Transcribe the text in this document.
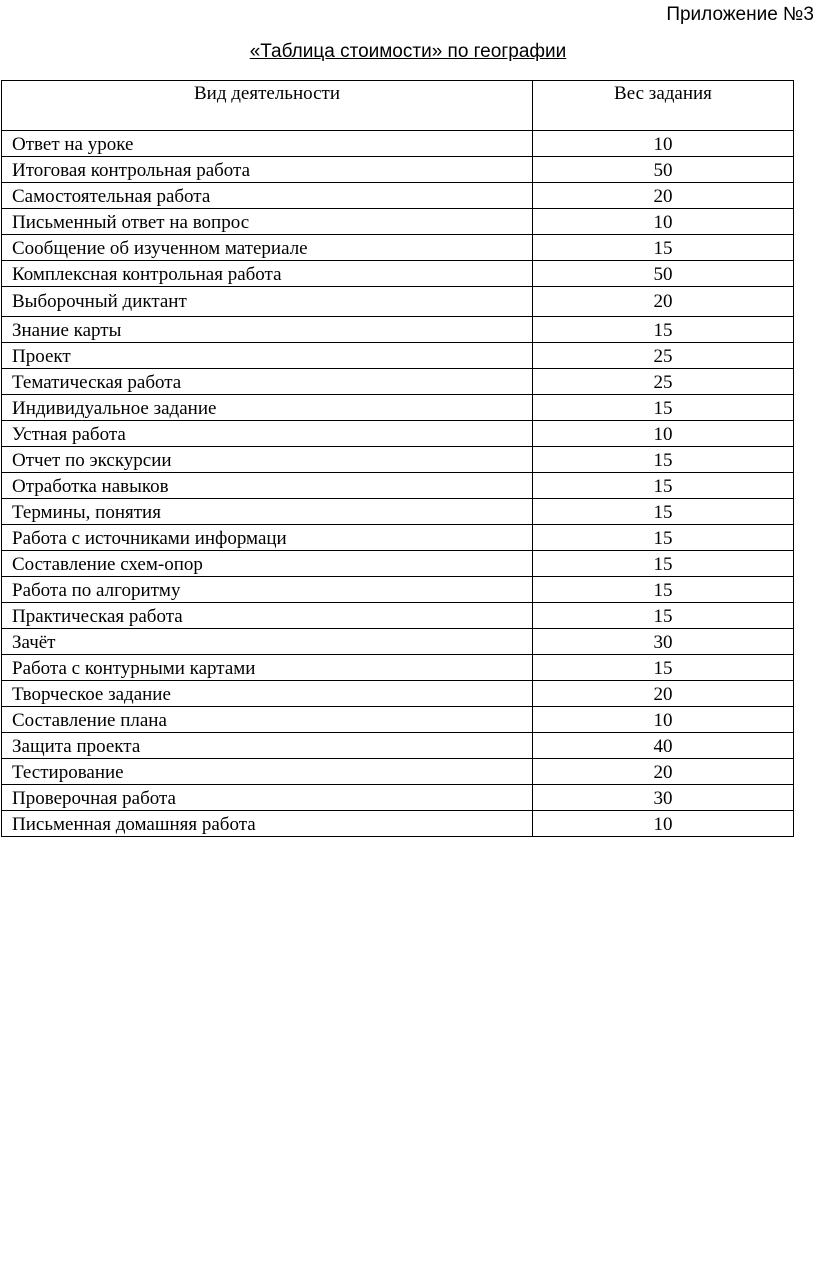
Приложение №3
«Таблица стоимости» по географии
Вид деятельности	Вес задания
Ответ на уроке	10
Итоговая контрольная работа	50
Самостоятельная работа	20
Письменный ответ на вопрос	10
Сообщение об изученном материале	15
Комплексная контрольная работа	50
Выборочный диктант	20
Знание карты	15
Проект	25
Тематическая работа	25
Индивидуальное задание	15
Устная работа	10
Отчет по экскурсии	15
Отработка навыков	15
Термины, понятия	15
Работа с источниками информаци	15
Составление схем-опор	15
Работа по алгоритму	15
Практическая работа	15
Зачёт	30
Работа с контурными картами	15
Творческое задание	20
Составление плана	10
Защита проекта	40
Тестирование	20
Проверочная работа	30
Письменная домашняя работа	10
